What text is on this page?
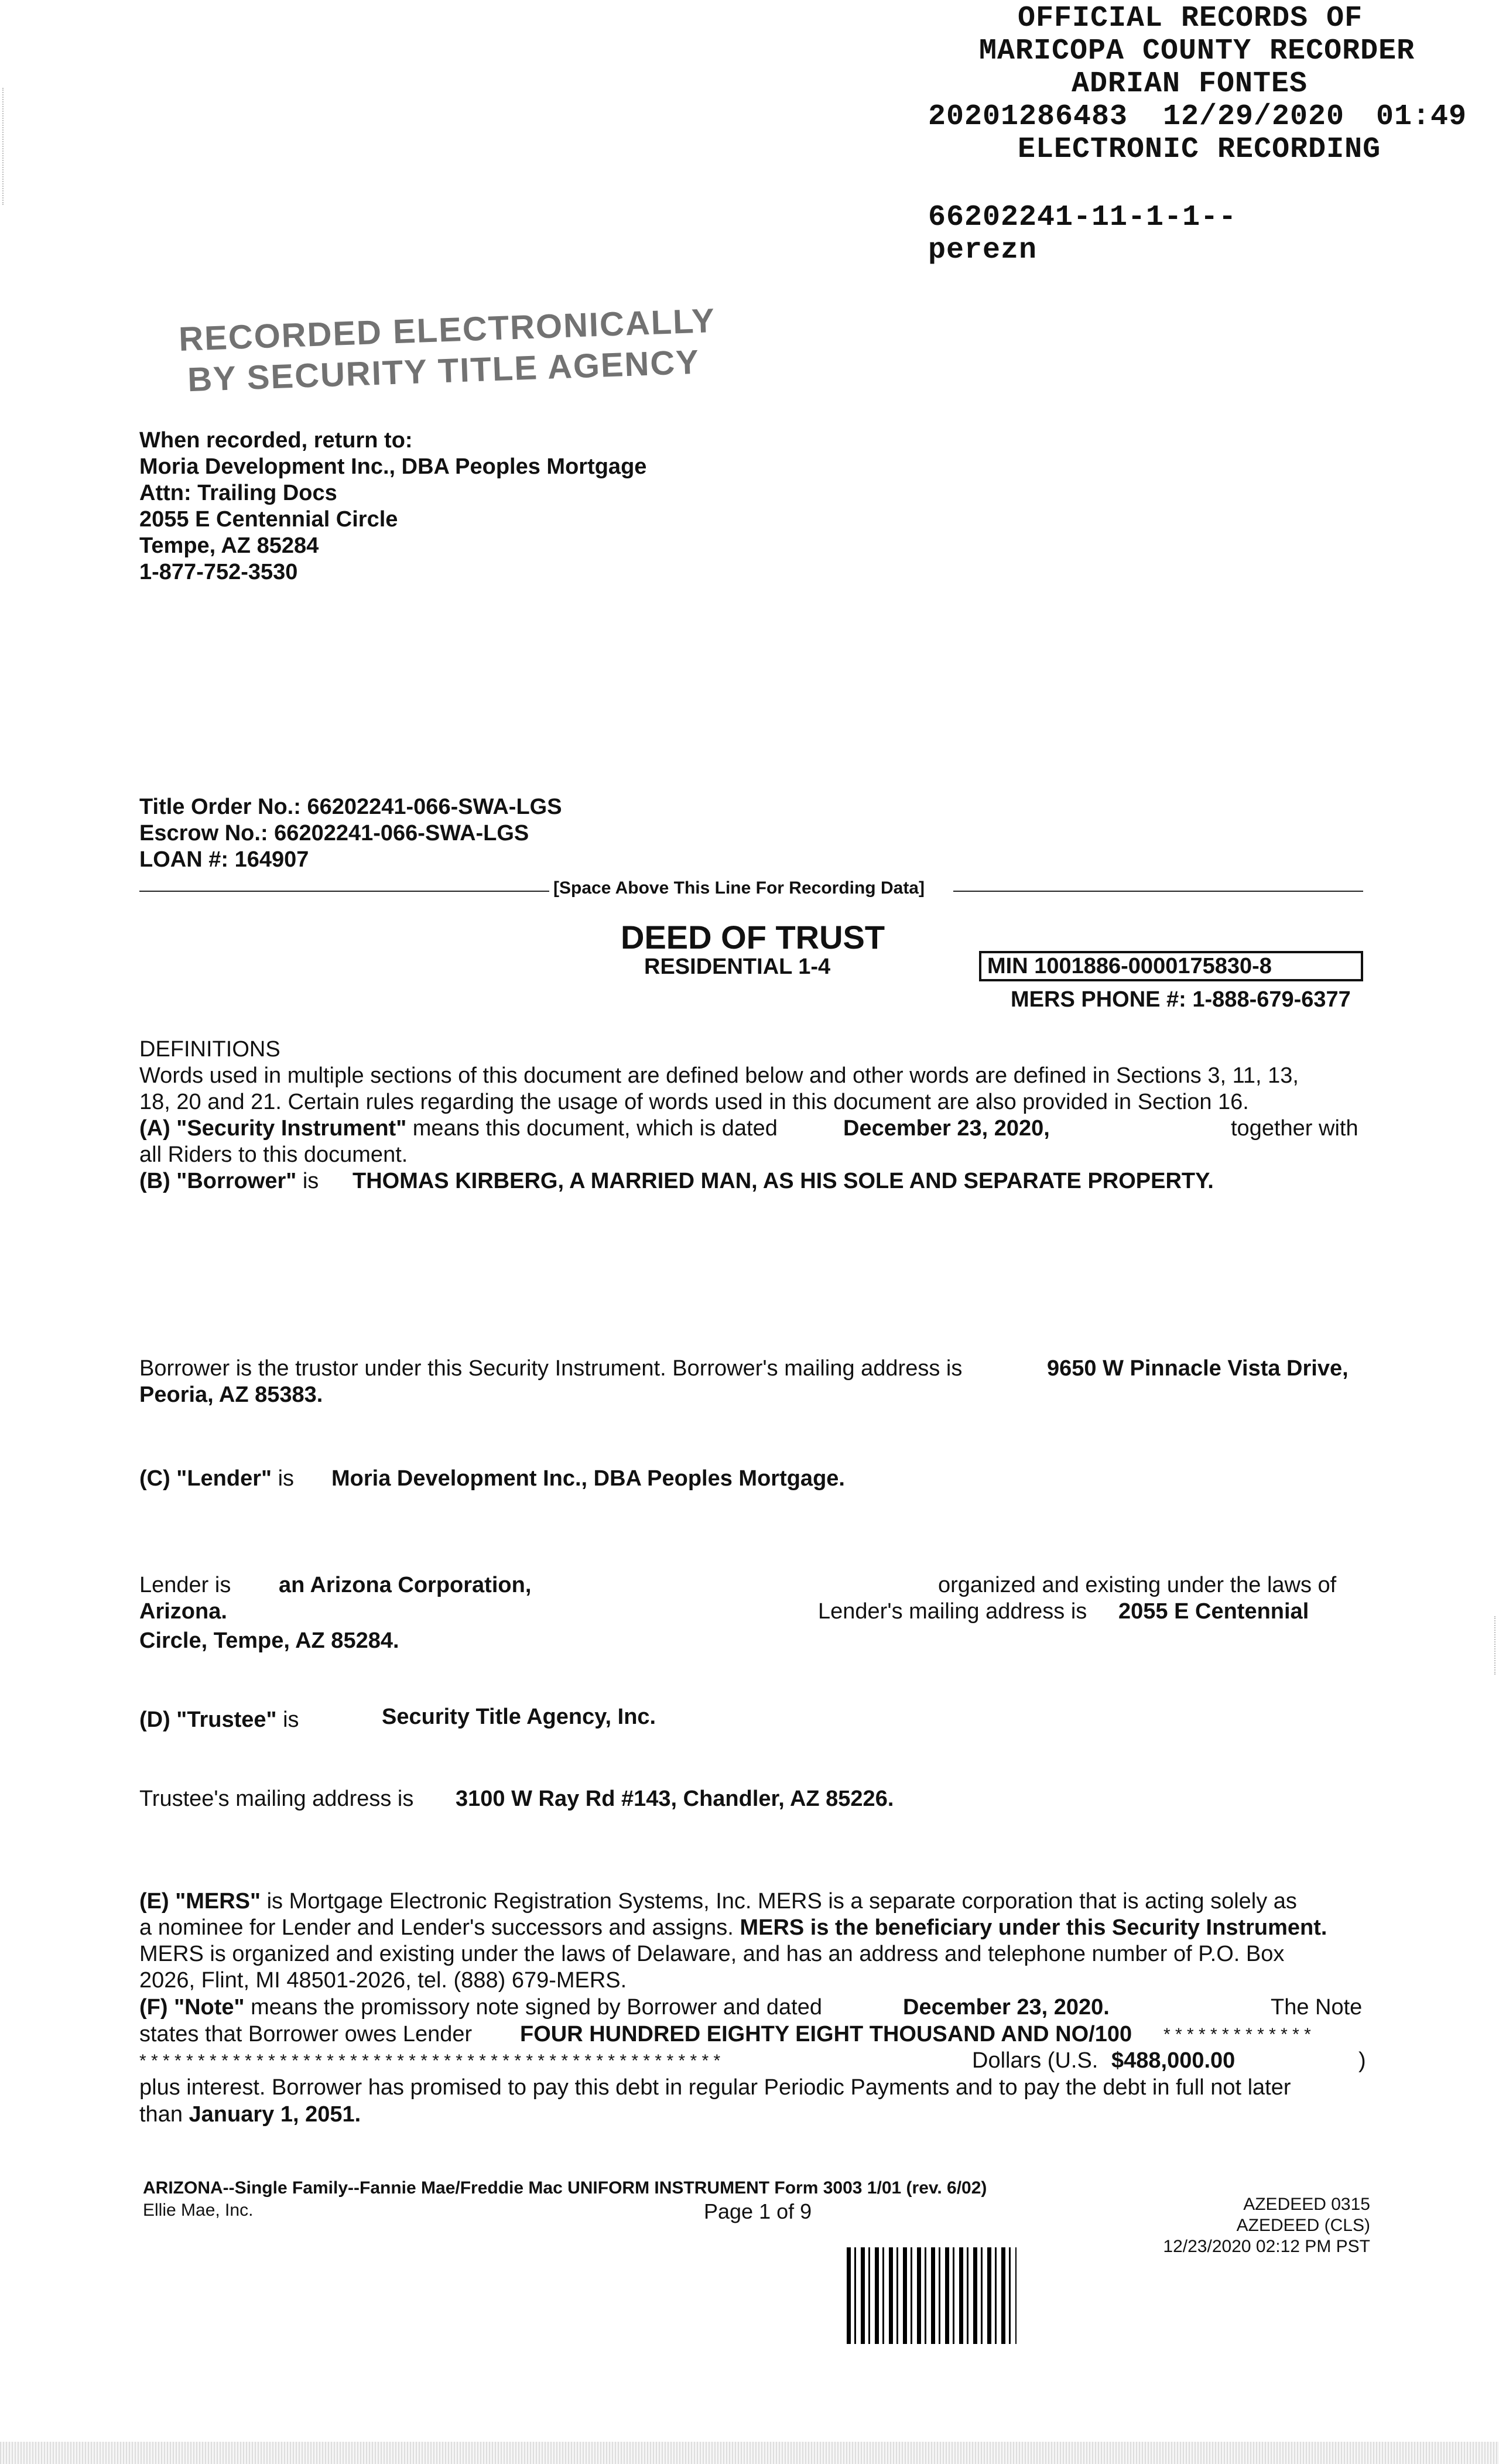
OFFICIAL RECORDS OF
MARICOPA COUNTY RECORDER
ADRIAN FONTES
20201286483 12/29/2020 01:49
ELECTRONIC RECORDING
66202241-11-1-1--
perezn
RECORDED ELECTRONICALLY
BY SECURITY TITLE AGENCY
When recorded, return to:
Moria Development Inc., DBA Peoples Mortgage
Attn: Trailing Docs
2055 E Centennial Circle
Tempe, AZ 85284
1-877-752-3530
Title Order No.: 66202241-066-SWA-LGS
Escrow No.: 66202241-066-SWA-LGS
LOAN #: 164907
[Space Above This Line For Recording Data]
DEED OF TRUST
RESIDENTIAL 1-4	MIN 1001886-0000175830-8
MERS PHONE #: 1-888-679-6377
DEFINITIONS
Words used in multiple sections of this document are defined below and other words are defined in Sections 3, 11, 13,
18, 20 and 21. Certain rules regarding the usage of words used in this document are also provided in Section 16.
(A) "Security Instrument" means this document, which is dated	December 23, 2020,	together with
all Riders to this document.
(B) "Borrower" is THOMAS KIRBERG, A MARRIED MAN, AS HIS SOLE AND SEPARATE PROPERTY.
Borrower is the trustor under this Security Instrument. Borrower's mailing address is	9650 W Pinnacle Vista Drive,
Peoria, AZ 85383.
(C) "Lender" is Moria Development Inc., DBA Peoples Mortgage.
Lender is an Arizona Corporation,	organized and existing under the laws of
Arizona.	Lender's mailing address is 2055 E Centennial
Circle, Tempe, AZ 85284.
(D) "Trustee" is	Security Title Agency, Inc.
Trustee's mailing address is 3100 W Ray Rd #143, Chandler, AZ 85226.
(E) "MERS" is Mortgage Electronic Registration Systems, Inc. MERS is a separate corporation that is acting solely as
a nominee for Lender and Lender's successors and assigns. MERS is the beneficiary under this Security Instrument.
MERS is organized and existing under the laws of Delaware, and has an address and telephone number of P.O. Box
2026, Flint, MI 48501-2026, tel. (888) 679-MERS.
(F) "Note" means the promissory note signed by Borrower and dated	December 23, 2020.	The Note
states that Borrower owes Lender FOUR HUNDRED EIGHTY EIGHT THOUSAND AND NO/100 * * * * * * * * * * * * *
* * * * * * * * * * * * * * * * * * * * * * * * * * * * * * * * * * * * * * * * * * * * * * * * * *	Dollars (U.S. $488,000.00	)
plus interest. Borrower has promised to pay this debt in regular Periodic Payments and to pay the debt in full not later
than January 1, 2051.
ARIZONA--Single Family--Fannie Mae/Freddie Mac UNIFORM INSTRUMENT Form 3003 1/01 (rev. 6/02)
Ellie Mae, Inc.	Page 1 of 9	AZEDEED 0315
AZEDEED (CLS)
12/23/2020 02:12 PM PST
